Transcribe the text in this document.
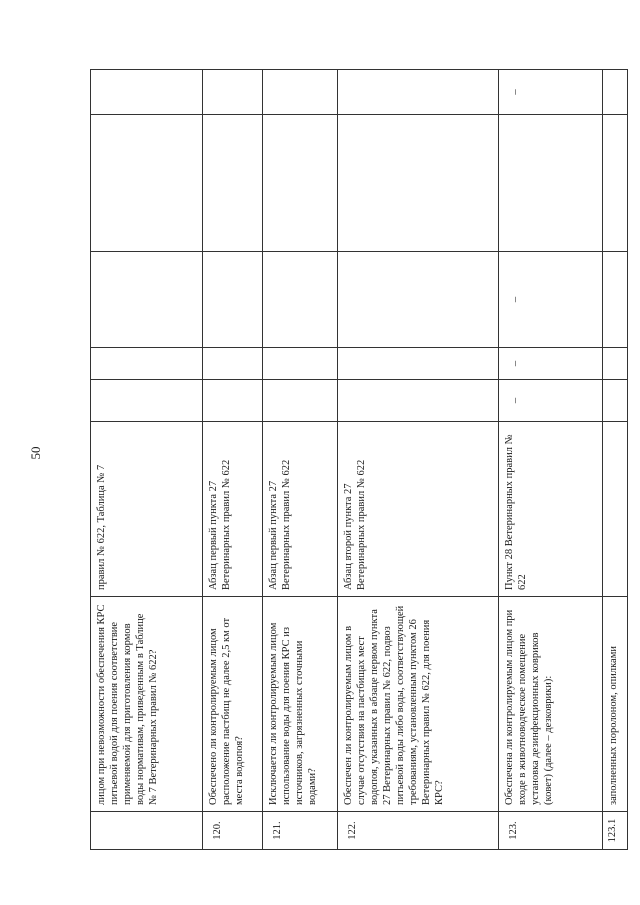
50
	лицом при невозможности обеспечения КРС питьевой водой для поения соответствие применяемой для приготовления кормов воды нормативам, приведенным в Таблице № 7 Ветеринарных правил № 622?	правил № 622, Таблица № 7					
120.	Обеспечено ли контролируемым лицом расположение пастбищ не далее 2,5 км от места водопоя?	Абзац первый пункта 27 Ветеринарных правил № 622					
121.	Исключается ли контролируемым лицом использование воды для поения КРС из источников, загрязненных сточными водами?	Абзац первый пункта 27 Ветеринарных правил № 622					
122.	Обеспечен ли контролируемым лицом в случае отсутствия на пастбищах мест водопоя, указанных в абзаце первом пункта 27 Ветеринарных правил № 622, подвоз питьевой воды либо воды, соответствующей требованиям, установленным пунктом 26 Ветеринарных правил № 622, для поения КРС?	Абзац второй пункта 27 Ветеринарных правил № 622					
123.	Обеспечена ли контролируемым лицом при входе в животноводческое помещение установка дезинфекционных ковриков (ковет) (далее – дезковрики):	Пункт 28 Ветеринарных правил № 622	–	–	–		–
123.1	заполненных поролоном, опилками						
